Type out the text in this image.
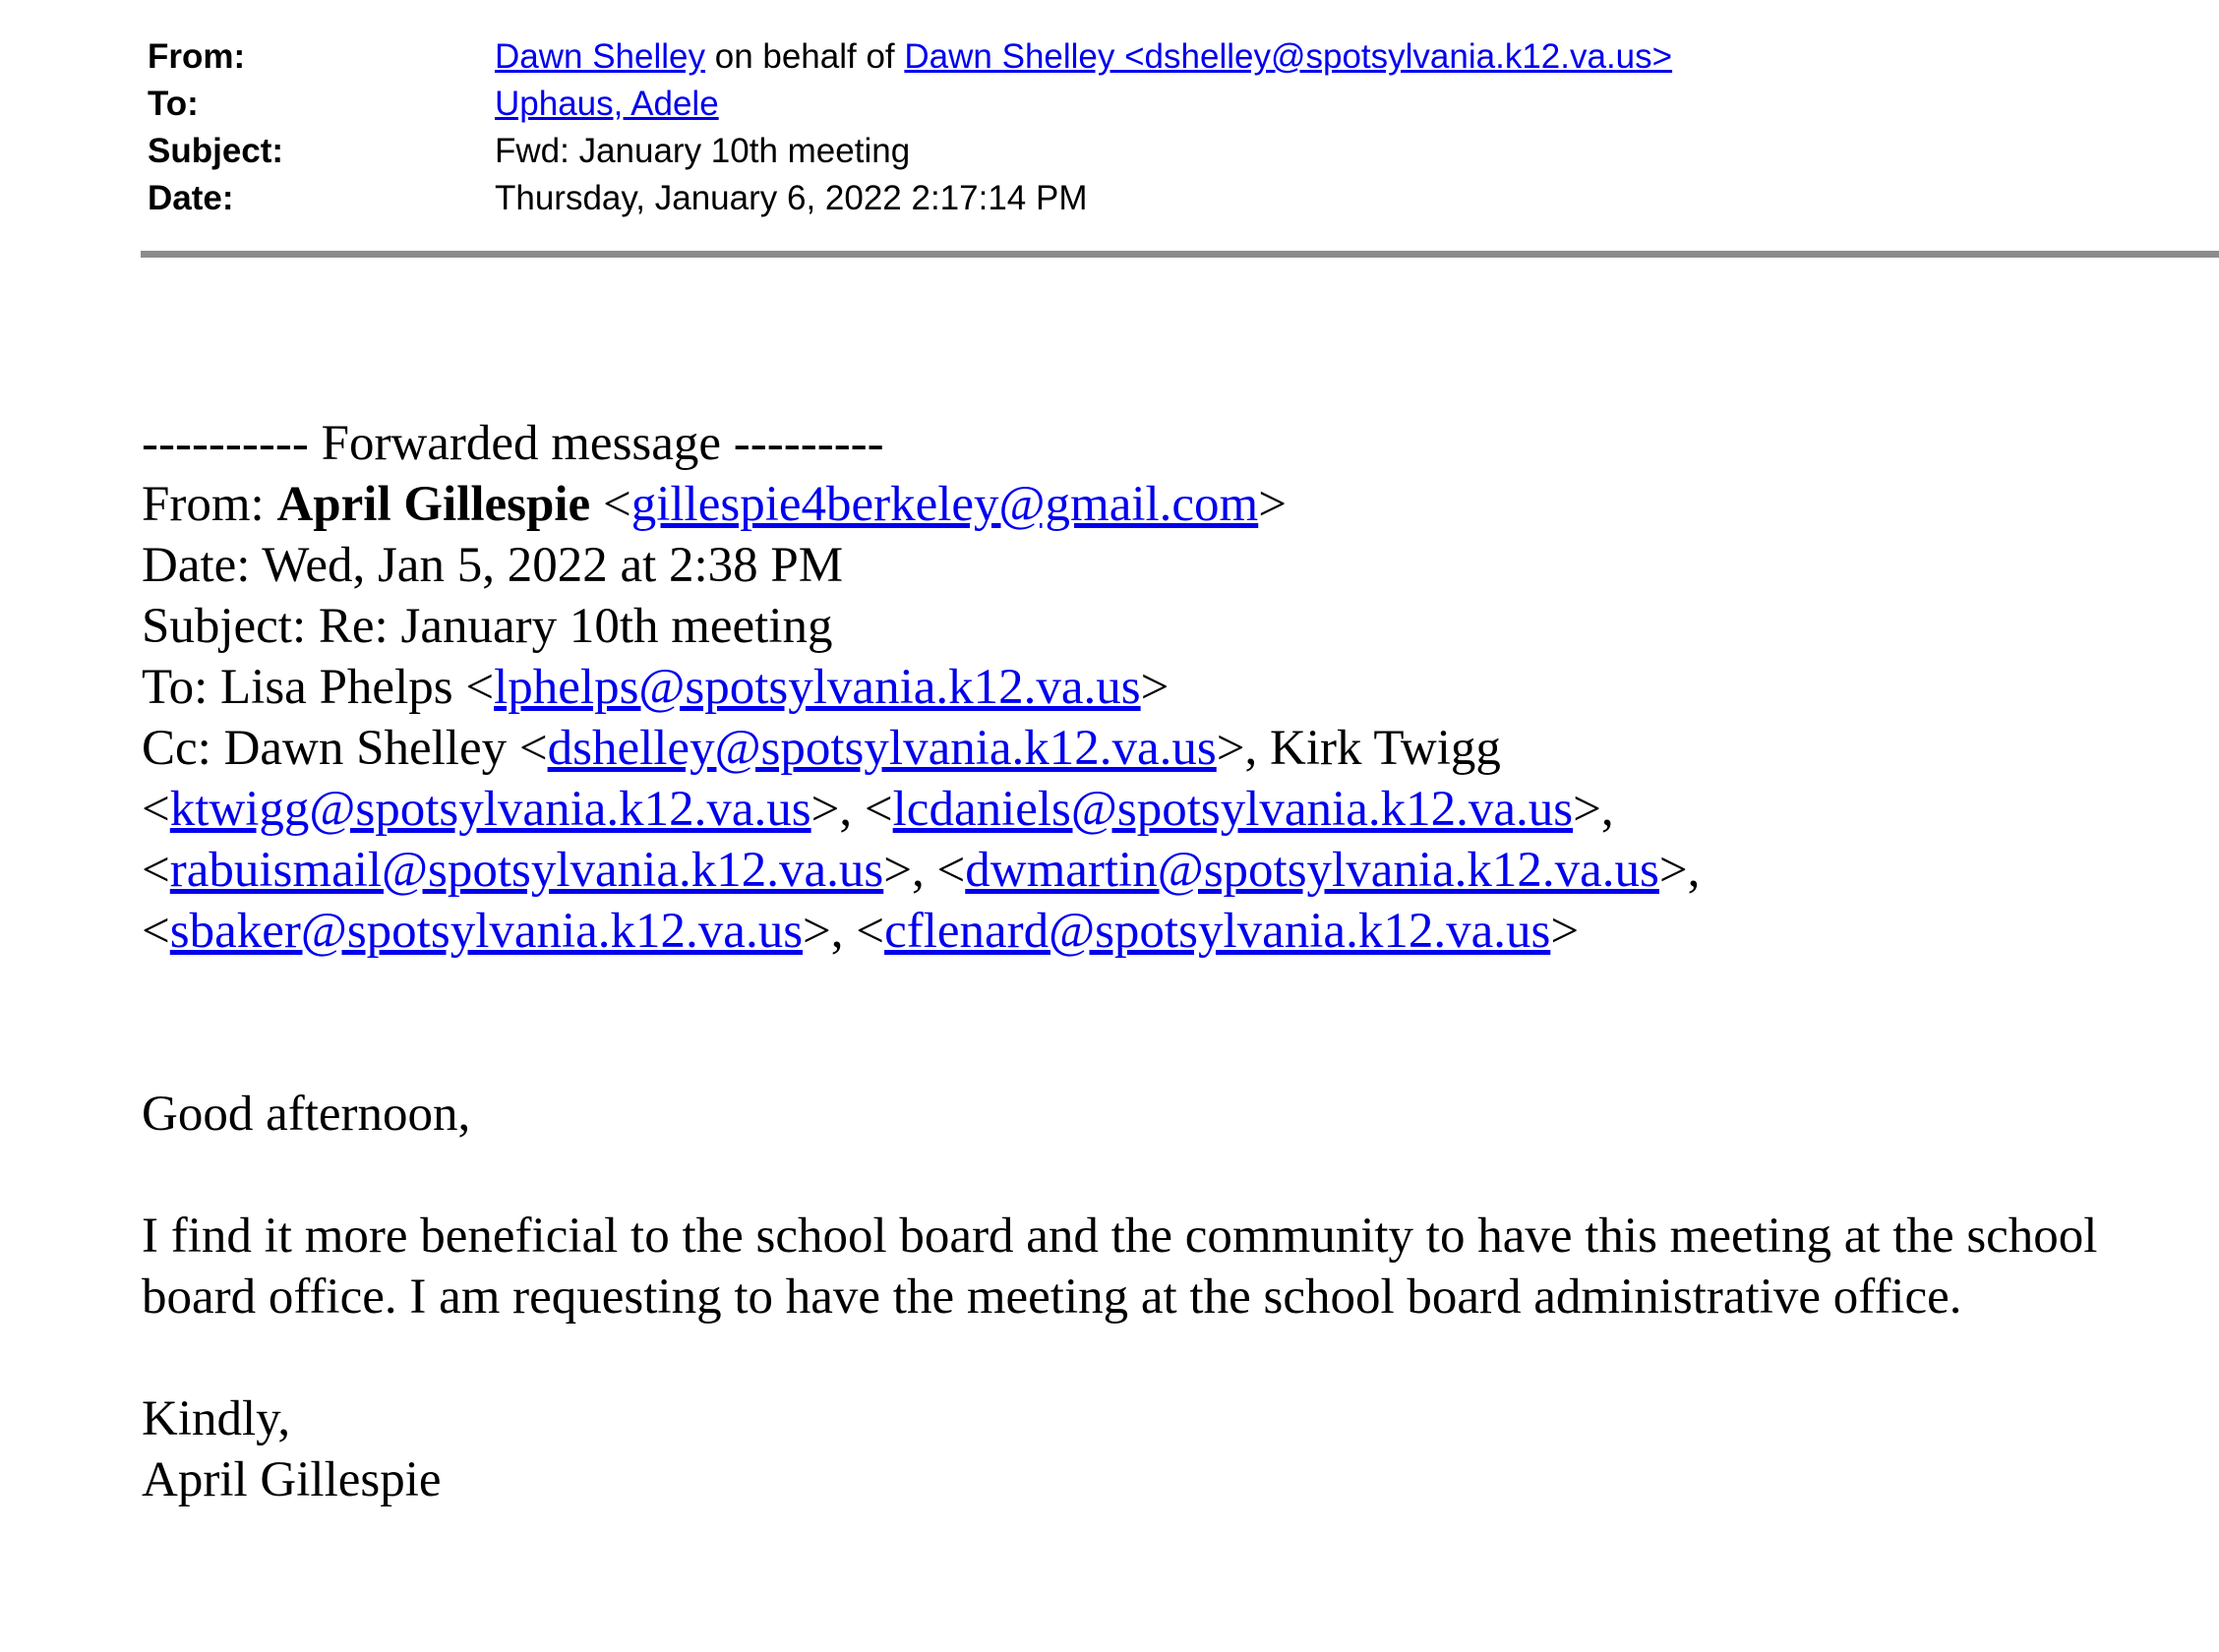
From:	Dawn Shelley on behalf of Dawn Shelley <dshelley@spotsylvania.k12.va.us>
To:	Uphaus, Adele
Subject:	Fwd: January 10th meeting
Date:	Thursday, January 6, 2022 2:17:14 PM
---------- Forwarded message ---------
From: April Gillespie <gillespie4berkeley@gmail.com>
Date: Wed, Jan 5, 2022 at 2:38 PM
Subject: Re: January 10th meeting
To: Lisa Phelps <lphelps@spotsylvania.k12.va.us>
Cc: Dawn Shelley <dshelley@spotsylvania.k12.va.us>, Kirk Twigg
<ktwigg@spotsylvania.k12.va.us>, <lcdaniels@spotsylvania.k12.va.us>,
<rabuismail@spotsylvania.k12.va.us>, <dwmartin@spotsylvania.k12.va.us>,
<sbaker@spotsylvania.k12.va.us>, <cflenard@spotsylvania.k12.va.us>
Good afternoon,
I find it more beneficial to the school board and the community to have this meeting at the school board office. I am requesting to have the meeting at the school board administrative office.
Kindly,
April Gillespie
